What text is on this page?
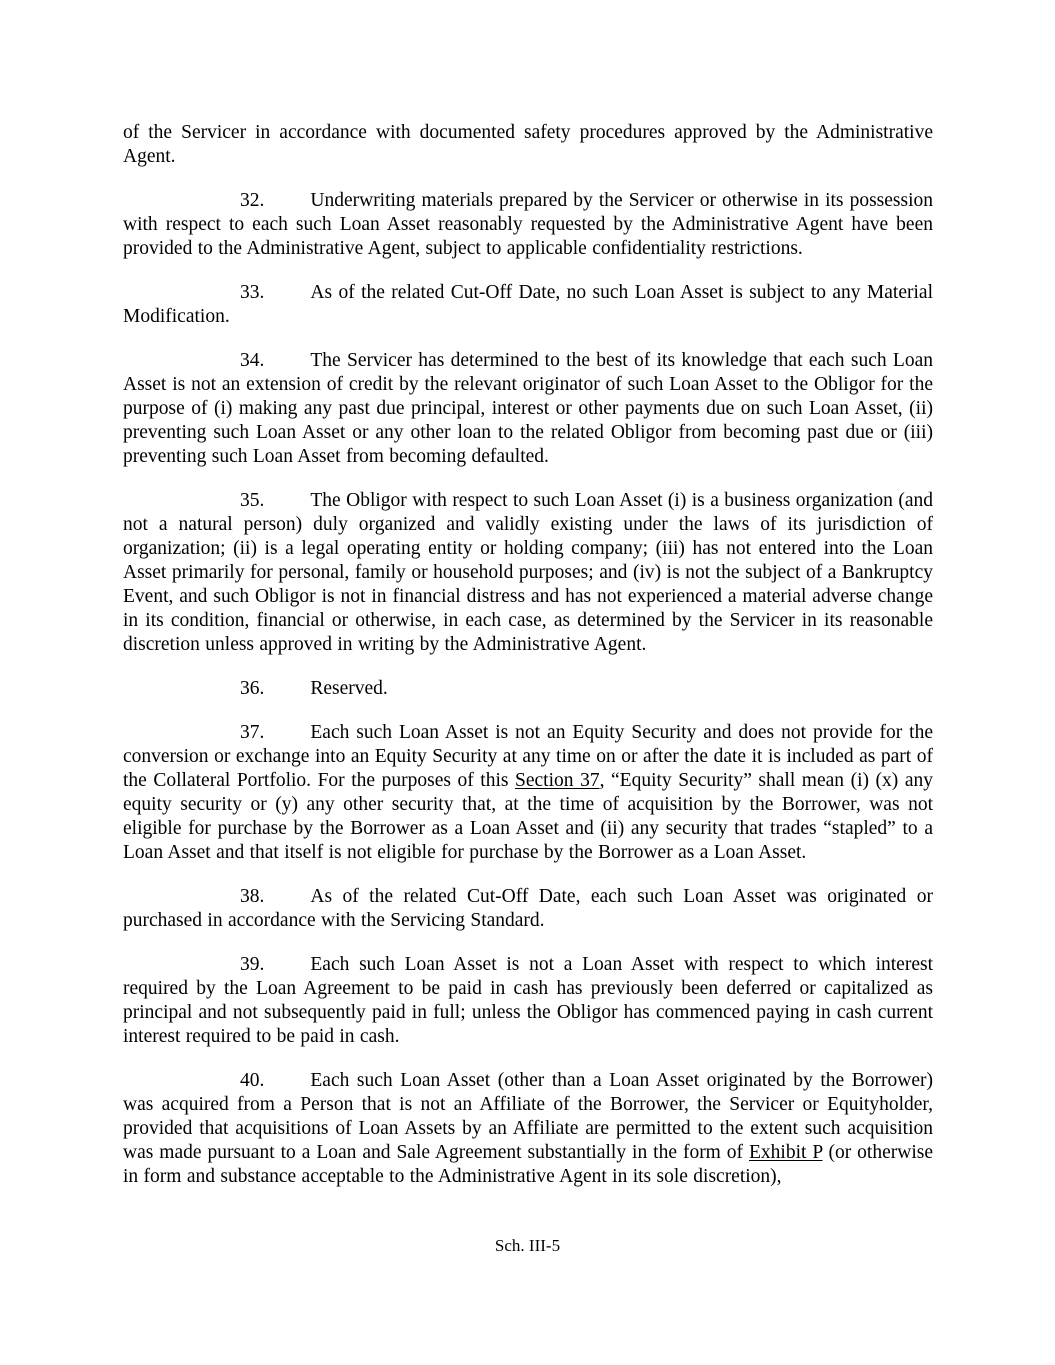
of the Servicer in accordance with documented safety procedures approved by the Administrative Agent.

32. Underwriting materials prepared by the Servicer or otherwise in its possession with respect to each such Loan Asset reasonably requested by the Administrative Agent have been provided to the Administrative Agent, subject to applicable confidentiality restrictions.

33. As of the related Cut-Off Date, no such Loan Asset is subject to any Material Modification.

34. The Servicer has determined to the best of its knowledge that each such Loan Asset is not an extension of credit by the relevant originator of such Loan Asset to the Obligor for the purpose of (i) making any past due principal, interest or other payments due on such Loan Asset, (ii) preventing such Loan Asset or any other loan to the related Obligor from becoming past due or (iii) preventing such Loan Asset from becoming defaulted.

35. The Obligor with respect to such Loan Asset (i) is a business organization (and not a natural person) duly organized and validly existing under the laws of its jurisdiction of organization; (ii) is a legal operating entity or holding company; (iii) has not entered into the Loan Asset primarily for personal, family or household purposes; and (iv) is not the subject of a Bankruptcy Event, and such Obligor is not in financial distress and has not experienced a material adverse change in its condition, financial or otherwise, in each case, as determined by the Servicer in its reasonable discretion unless approved in writing by the Administrative Agent.

36. Reserved.

37. Each such Loan Asset is not an Equity Security and does not provide for the conversion or exchange into an Equity Security at any time on or after the date it is included as part of the Collateral Portfolio. For the purposes of this Section 37, “Equity Security” shall mean (i) (x) any equity security or (y) any other security that, at the time of acquisition by the Borrower, was not eligible for purchase by the Borrower as a Loan Asset and (ii) any security that trades “stapled” to a Loan Asset and that itself is not eligible for purchase by the Borrower as a Loan Asset.

38. As of the related Cut-Off Date, each such Loan Asset was originated or purchased in accordance with the Servicing Standard.

39. Each such Loan Asset is not a Loan Asset with respect to which interest required by the Loan Agreement to be paid in cash has previously been deferred or capitalized as principal and not subsequently paid in full; unless the Obligor has commenced paying in cash current interest required to be paid in cash.

40. Each such Loan Asset (other than a Loan Asset originated by the Borrower) was acquired from a Person that is not an Affiliate of the Borrower, the Servicer or Equityholder, provided that acquisitions of Loan Assets by an Affiliate are permitted to the extent such acquisition was made pursuant to a Loan and Sale Agreement substantially in the form of Exhibit P (or otherwise in form and substance acceptable to the Administrative Agent in its sole discretion),

Sch. III-5
